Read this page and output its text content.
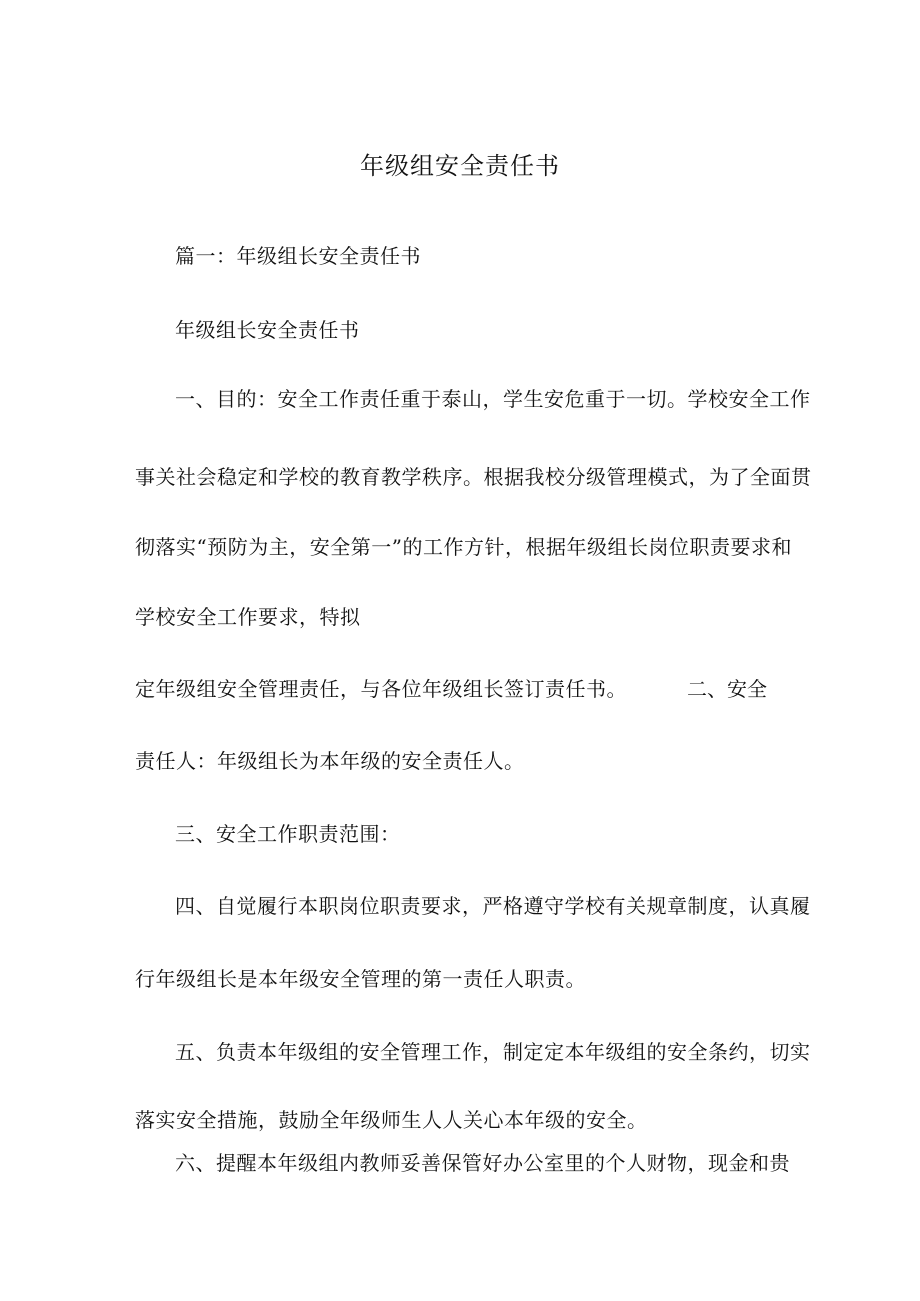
年级组安全责任书
篇一：年级组长安全责任书
年级组长安全责任书
一、目的：安全工作责任重于泰山，学生安危重于一切。学校安全工作
事关社会稳定和学校的教育教学秩序。根据我校分级管理模式，为了全面贯
彻落实“预防为主，安全第一”的工作方针，根据年级组长岗位职责要求和
学校安全工作要求，特拟
定年级组安全管理责任，与各位年级组长签订责任书。	二、安全
责任人：年级组长为本年级的安全责任人。
三、安全工作职责范围：
四、自觉履行本职岗位职责要求，严格遵守学校有关规章制度，认真履
行年级组长是本年级安全管理的第一责任人职责。
五、负责本年级组的安全管理工作，制定定本年级组的安全条约，切实
落实安全措施，鼓励全年级师生人人关心本年级的安全。
六、提醒本年级组内教师妥善保管好办公室里的个人财物，现金和贵
